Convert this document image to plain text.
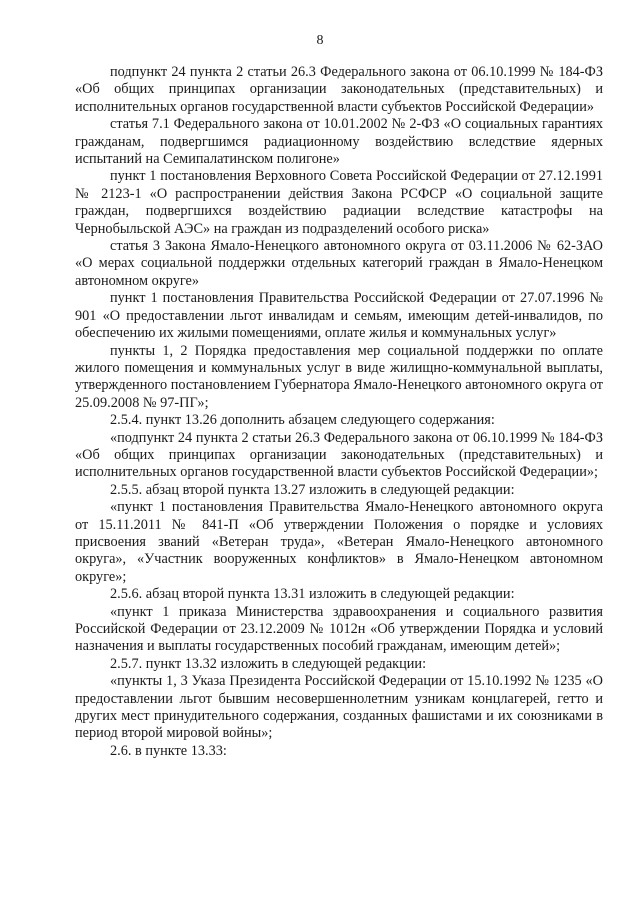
8

подпункт 24 пункта 2 статьи 26.3 Федерального закона от 06.10.1999 № 184-ФЗ «Об общих принципах организации законодательных (представительных) и исполнительных органов государственной власти субъектов Российской Федерации»

статья 7.1 Федерального закона от 10.01.2002 № 2-ФЗ «О социальных гарантиях гражданам, подвергшимся радиационному воздействию вследствие ядерных испытаний на Семипалатинском полигоне»

пункт 1 постановления Верховного Совета Российской Федерации от 27.12.1991 № 2123-1 «О распространении действия Закона РСФСР «О социальной защите граждан, подвергшихся воздействию радиации вследствие катастрофы на Чернобыльской АЭС» на граждан из подразделений особого риска»

статья 3 Закона Ямало-Ненецкого автономного округа от 03.11.2006 № 62-ЗАО «О мерах социальной поддержки отдельных категорий граждан в Ямало-Ненецком автономном округе»

пункт 1 постановления Правительства Российской Федерации от 27.07.1996 № 901 «О предоставлении льгот инвалидам и семьям, имеющим детей-инвалидов, по обеспечению их жилыми помещениями, оплате жилья и коммунальных услуг»

пункты 1, 2 Порядка предоставления мер социальной поддержки по оплате жилого помещения и коммунальных услуг в виде жилищно-коммунальной выплаты, утвержденного постановлением Губернатора Ямало-Ненецкого автономного округа от 25.09.2008 № 97-ПГ»;

2.5.4. пункт 13.26 дополнить абзацем следующего содержания:

«подпункт 24 пункта 2 статьи 26.3 Федерального закона от 06.10.1999 № 184-ФЗ «Об общих принципах организации законодательных (представительных) и исполнительных органов государственной власти субъектов Российской Федерации»;

2.5.5. абзац второй пункта 13.27 изложить в следующей редакции:

«пункт 1 постановления Правительства Ямало-Ненецкого автономного округа от 15.11.2011 № 841-П «Об утверждении Положения о порядке и условиях присвоения званий «Ветеран труда», «Ветеран Ямало-Ненецкого автономного округа», «Участник вооруженных конфликтов» в Ямало-Ненецком автономном округе»;

2.5.6. абзац второй пункта 13.31 изложить в следующей редакции:

«пункт 1 приказа Министерства здравоохранения и социального развития Российской Федерации от 23.12.2009 № 1012н «Об утверждении Порядка и условий назначения и выплаты государственных пособий гражданам, имеющим детей»;

2.5.7. пункт 13.32 изложить в следующей редакции:

«пункты 1, 3 Указа Президента Российской Федерации от 15.10.1992 № 1235 «О предоставлении льгот бывшим несовершеннолетним узникам концлагерей, гетто и других мест принудительного содержания, созданных фашистами и их союзниками в период второй мировой войны»;

2.6. в пункте 13.33:
